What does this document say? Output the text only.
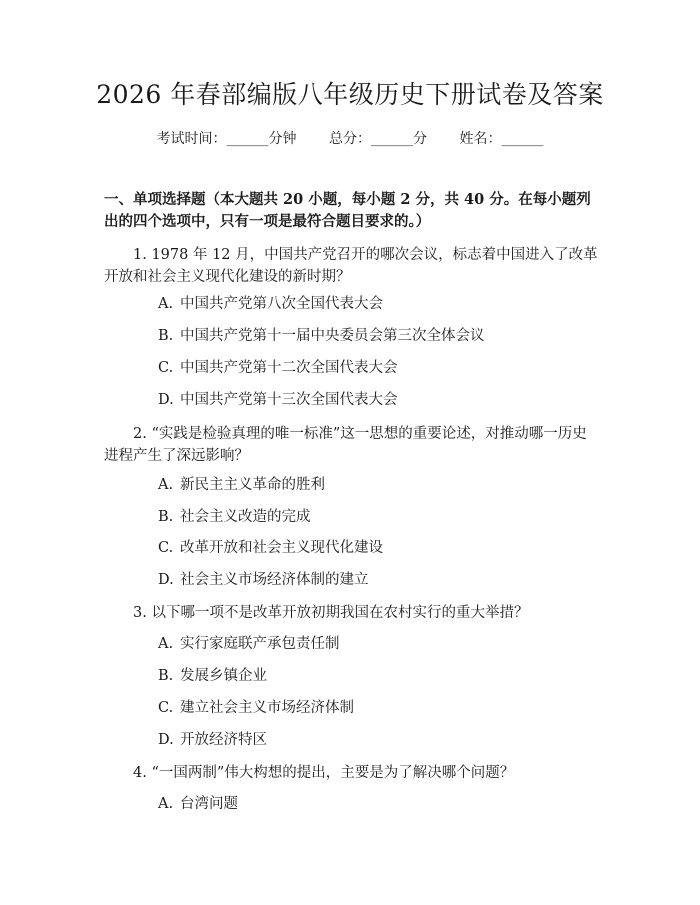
2026 年春部编版八年级历史下册试卷及答案
考试时间：______分钟 总分：______分 姓名：______
一、单项选择题（本大题共 20 小题，每小题 2 分，共 40 分。在每小题列出的四个选项中，只有一项是最符合题目要求的。）
1. 1978 年 12 月，中国共产党召开的哪次会议，标志着中国进入了改革开放和社会主义现代化建设的新时期？
A. 中国共产党第八次全国代表大会
B. 中国共产党第十一届中央委员会第三次全体会议
C. 中国共产党第十二次全国代表大会
D. 中国共产党第十三次全国代表大会
2. “实践是检验真理的唯一标准”这一思想的重要论述，对推动哪一历史进程产生了深远影响？
A. 新民主主义革命的胜利
B. 社会主义改造的完成
C. 改革开放和社会主义现代化建设
D. 社会主义市场经济体制的建立
3. 以下哪一项不是改革开放初期我国在农村实行的重大举措？
A. 实行家庭联产承包责任制
B. 发展乡镇企业
C. 建立社会主义市场经济体制
D. 开放经济特区
4. “一国两制”伟大构想的提出，主要是为了解决哪个问题？
A. 台湾问题
